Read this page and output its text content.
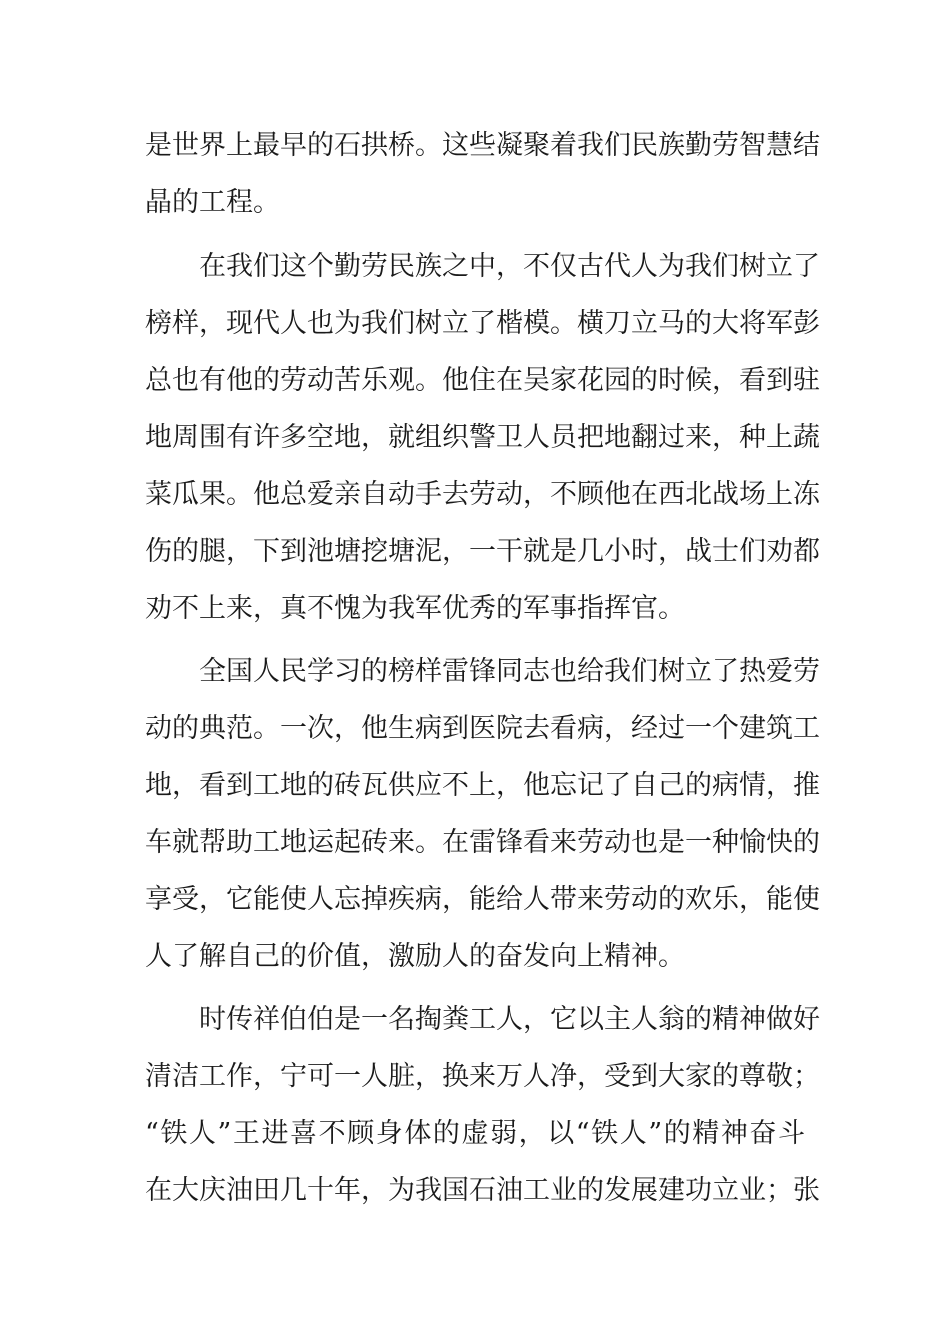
是世界上最早的石拱桥。这些凝聚着我们民族勤劳智慧结
晶的工程。
在我们这个勤劳民族之中，不仅古代人为我们树立了
榜样，现代人也为我们树立了楷模。横刀立马的大将军彭
总也有他的劳动苦乐观。他住在吴家花园的时候，看到驻
地周围有许多空地，就组织警卫人员把地翻过来，种上蔬
菜瓜果。他总爱亲自动手去劳动，不顾他在西北战场上冻
伤的腿，下到池塘挖塘泥，一干就是几小时，战士们劝都
劝不上来，真不愧为我军优秀的军事指挥官。
全国人民学习的榜样雷锋同志也给我们树立了热爱劳
动的典范。一次，他生病到医院去看病，经过一个建筑工
地，看到工地的砖瓦供应不上，他忘记了自己的病情，推
车就帮助工地运起砖来。在雷锋看来劳动也是一种愉快的
享受，它能使人忘掉疾病，能给人带来劳动的欢乐，能使
人了解自己的价值，激励人的奋发向上精神。
时传祥伯伯是一名掏粪工人，它以主人翁的精神做好
清洁工作，宁可一人脏，换来万人净，受到大家的尊敬；
“铁人”王进喜不顾身体的虚弱，以“铁人”的精神奋斗
在大庆油田几十年，为我国石油工业的发展建功立业；张
